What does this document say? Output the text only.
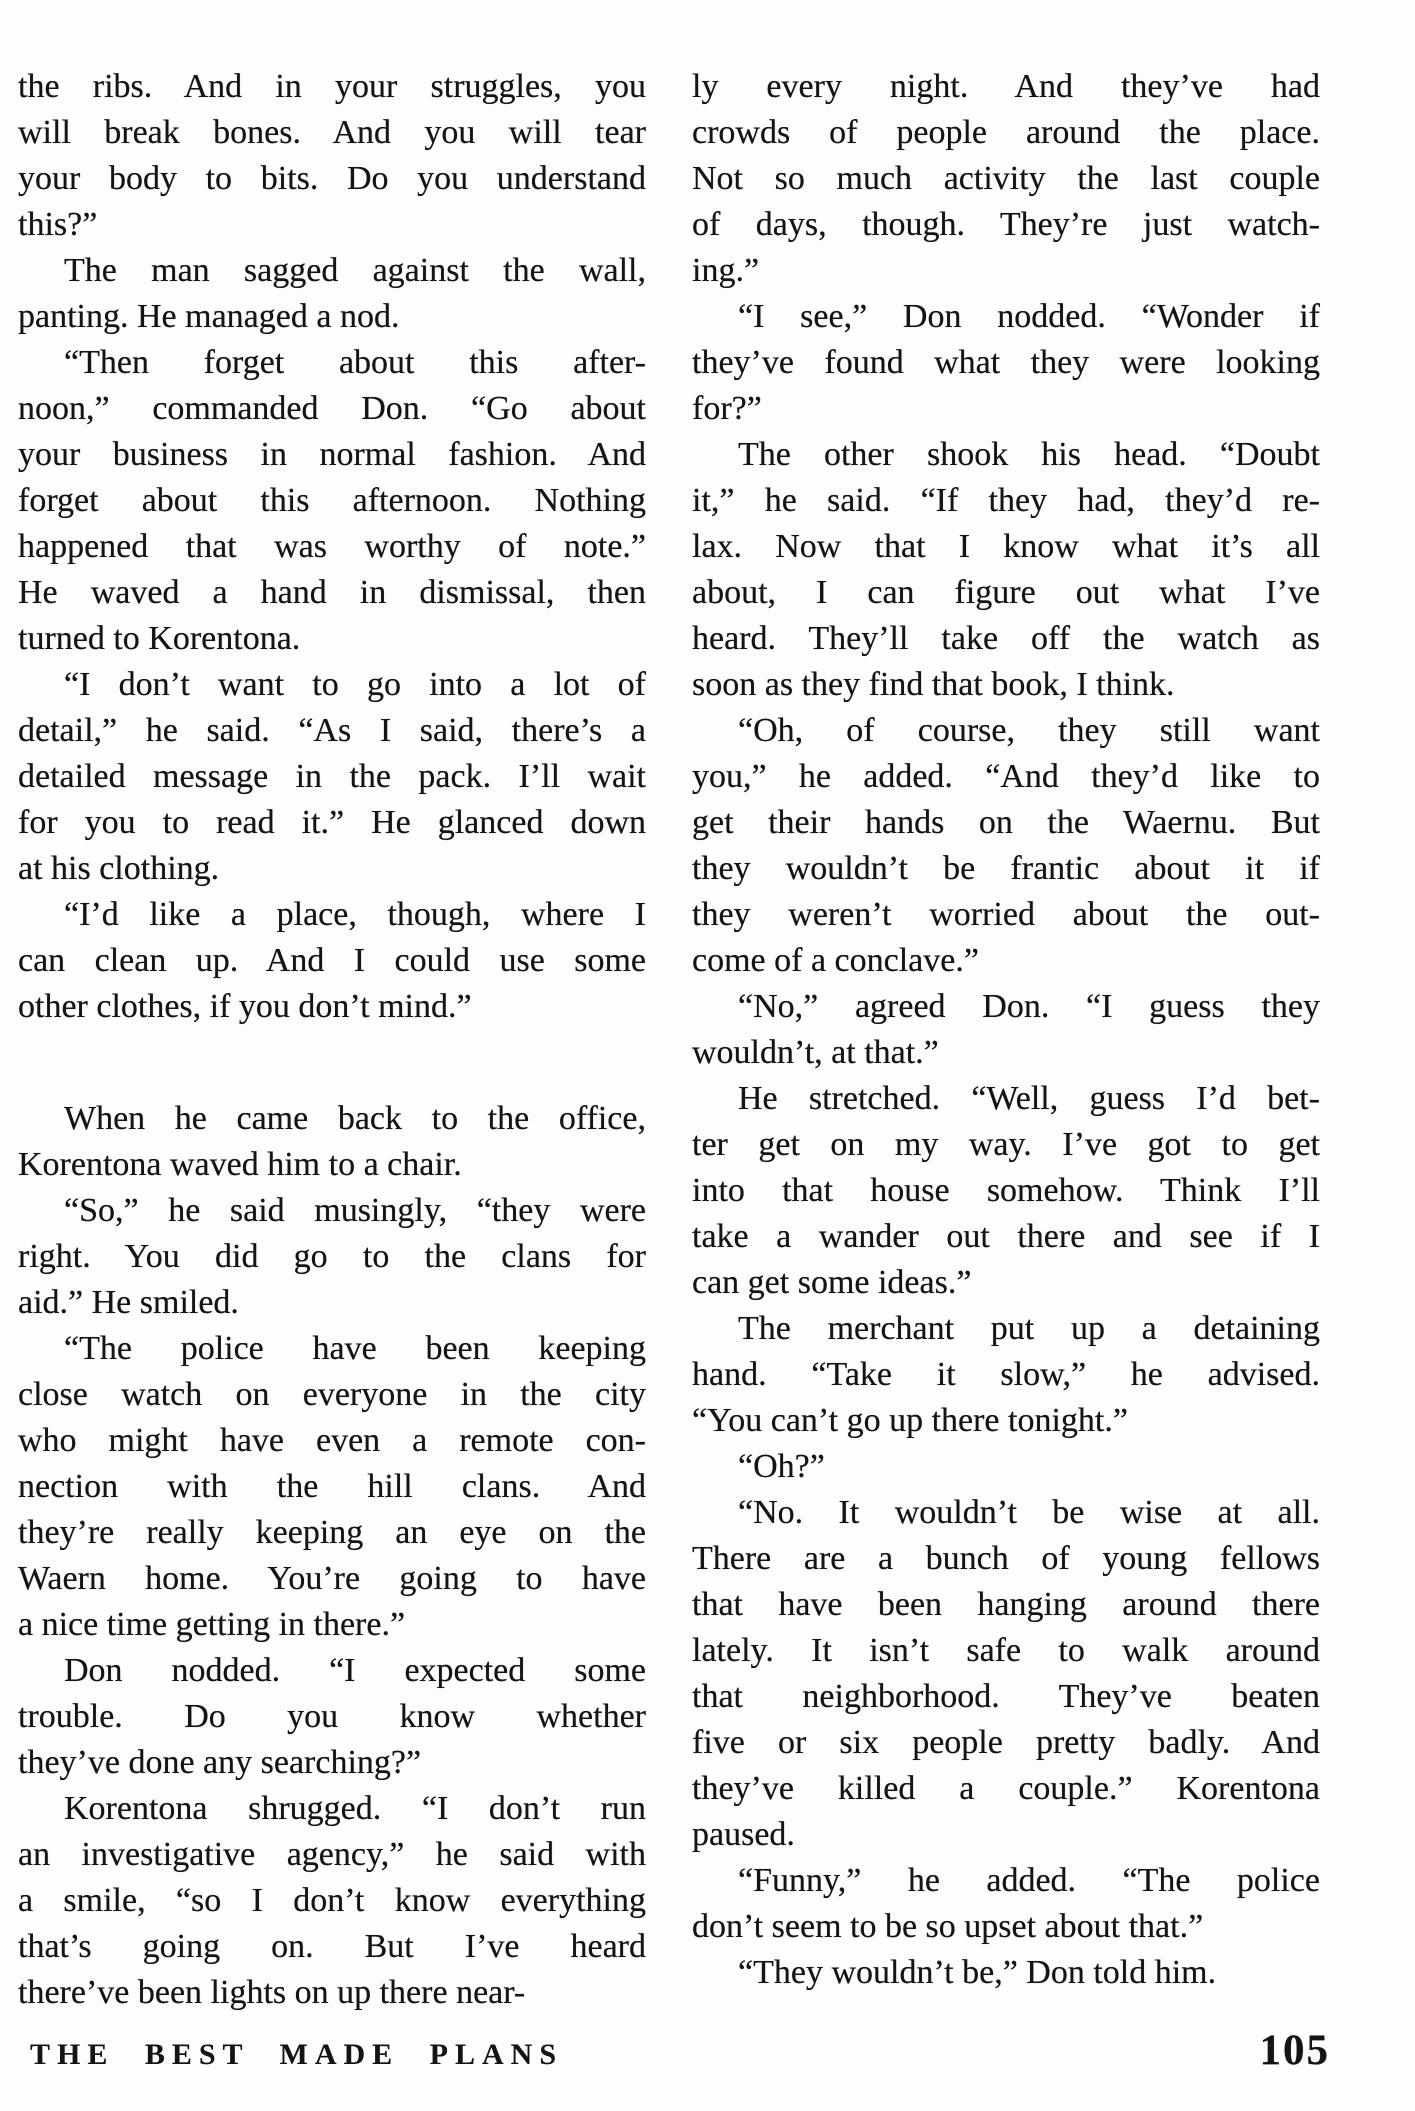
the ribs. And in your struggles, you
will break bones. And you will tear
your body to bits. Do you understand
this?”
The man sagged against the wall,
panting. He managed a nod.
“Then forget about this after-
noon,” commanded Don. “Go about
your business in normal fashion. And
forget about this afternoon. Nothing
happened that was worthy of note.”
He waved a hand in dismissal, then
turned to Korentona.
“I don’t want to go into a lot of
detail,” he said. “As I said, there’s a
detailed message in the pack. I’ll wait
for you to read it.” He glanced down
at his clothing.
“I’d like a place, though, where I
can clean up. And I could use some
other clothes, if you don’t mind.”
When he came back to the office,
Korentona waved him to a chair.
“So,” he said musingly, “they were
right. You did go to the clans for
aid.” He smiled.
“The police have been keeping
close watch on everyone in the city
who might have even a remote con-
nection with the hill clans. And
they’re really keeping an eye on the
Waern home. You’re going to have
a nice time getting in there.”
Don nodded. “I expected some
trouble. Do you know whether
they’ve done any searching?”
Korentona shrugged. “I don’t run
an investigative agency,” he said with
a smile, “so I don’t know everything
that’s going on. But I’ve heard
there’ve been lights on up there near-
ly every night. And they’ve had
crowds of people around the place.
Not so much activity the last couple
of days, though. They’re just watch-
ing.”
“I see,” Don nodded. “Wonder if
they’ve found what they were looking
for?”
The other shook his head. “Doubt
it,” he said. “If they had, they’d re-
lax. Now that I know what it’s all
about, I can figure out what I’ve
heard. They’ll take off the watch as
soon as they find that book, I think.
“Oh, of course, they still want
you,” he added. “And they’d like to
get their hands on the Waernu. But
they wouldn’t be frantic about it if
they weren’t worried about the out-
come of a conclave.”
“No,” agreed Don. “I guess they
wouldn’t, at that.”
He stretched. “Well, guess I’d bet-
ter get on my way. I’ve got to get
into that house somehow. Think I’ll
take a wander out there and see if I
can get some ideas.”
The merchant put up a detaining
hand. “Take it slow,” he advised.
“You can’t go up there tonight.”
“Oh?”
“No. It wouldn’t be wise at all.
There are a bunch of young fellows
that have been hanging around there
lately. It isn’t safe to walk around
that neighborhood. They’ve beaten
five or six people pretty badly. And
they’ve killed a couple.” Korentona
paused.
“Funny,” he added. “The police
don’t seem to be so upset about that.”
“They wouldn’t be,” Don told him.
THE BEST MADE PLANS	105
